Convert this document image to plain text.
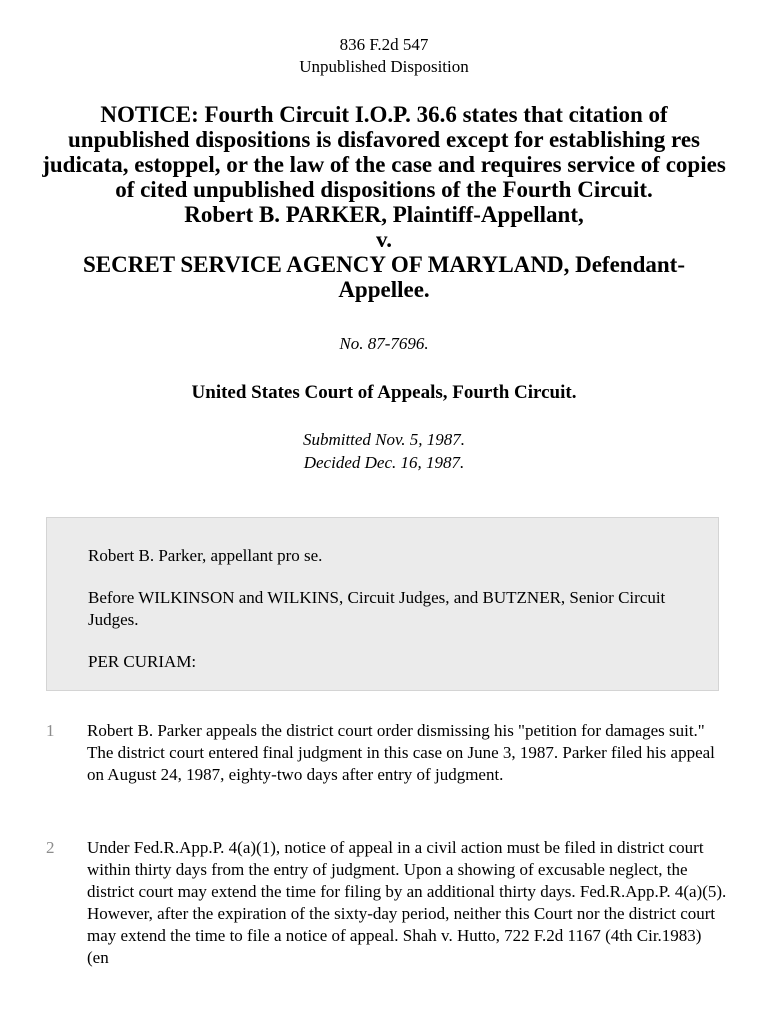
836 F.2d 547
Unpublished Disposition
NOTICE: Fourth Circuit I.O.P. 36.6 states that citation of unpublished dispositions is disfavored except for establishing res judicata, estoppel, or the law of the case and requires service of copies of cited unpublished dispositions of the Fourth Circuit.
Robert B. PARKER, Plaintiff-Appellant,
v.
SECRET SERVICE AGENCY OF MARYLAND, Defendant-Appellee.
No. 87-7696.
United States Court of Appeals, Fourth Circuit.
Submitted Nov. 5, 1987.
Decided Dec. 16, 1987.

Robert B. Parker, appellant pro se.

Before WILKINSON and WILKINS, Circuit Judges, and BUTZNER, Senior Circuit Judges.

PER CURIAM:

1 Robert B. Parker appeals the district court order dismissing his "petition for damages suit." The district court entered final judgment in this case on June 3, 1987. Parker filed his appeal on August 24, 1987, eighty-two days after entry of judgment.
2 Under Fed.R.App.P. 4(a)(1), notice of appeal in a civil action must be filed in district court within thirty days from the entry of judgment. Upon a showing of excusable neglect, the district court may extend the time for filing by an additional thirty days. Fed.R.App.P. 4(a)(5). However, after the expiration of the sixty-day period, neither this Court nor the district court may extend the time to file a notice of appeal. Shah v. Hutto, 722 F.2d 1167 (4th Cir.1983) (en
